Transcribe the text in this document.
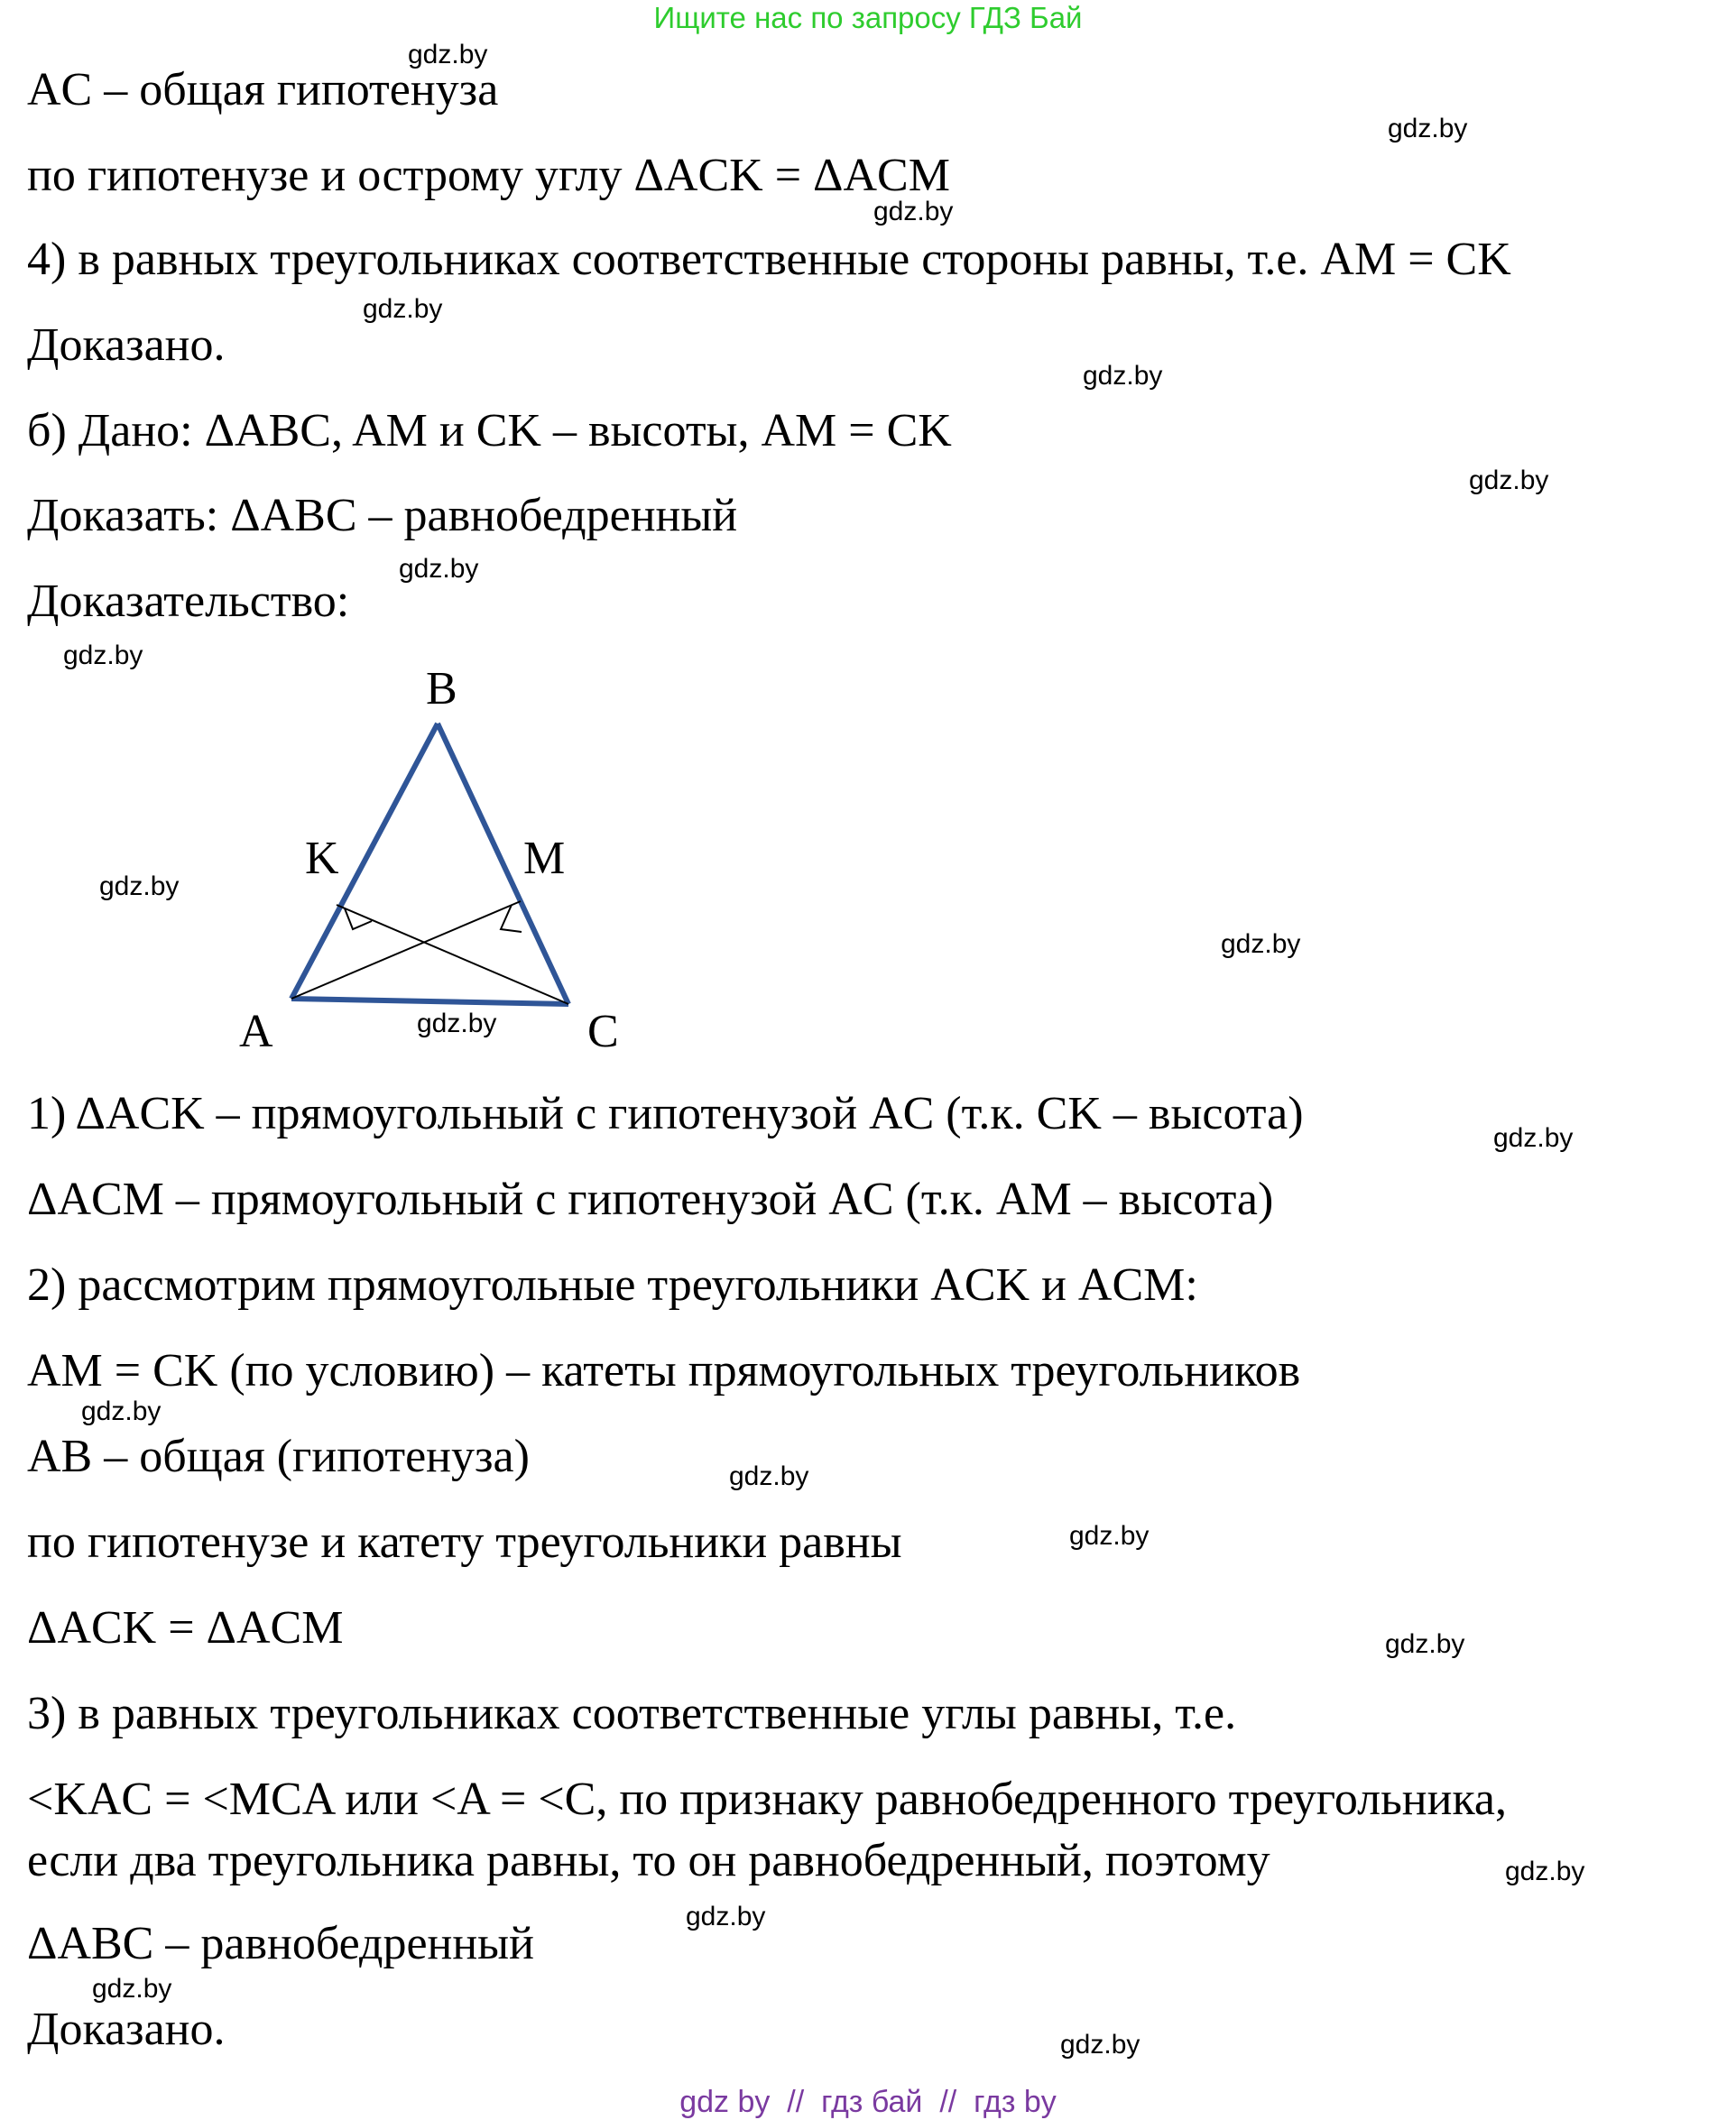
Ищите нас по запросу ГДЗ Бай
AC – общая гипотенуза
по гипотенузе и острому углу ΔACK = ΔACM
4) в равных треугольниках соответственные стороны равны, т.е. AM = CK
Доказано.
б) Дано: ΔABC, AM и CK – высоты, AM = CK
Доказать: ΔABC – равнобедренный
Доказательство:
B
K	M
A	C
1) ΔACK – прямоугольный с гипотенузой AC (т.к. CK – высота)
ΔACM – прямоугольный с гипотенузой AC (т.к. AM – высота)
2) рассмотрим прямоугольные треугольники ACK и ACM:
AM = CK (по условию) – катеты прямоугольных треугольников
AB – общая (гипотенуза)
по гипотенузе и катету треугольники равны
ΔACK = ΔACM
3) в равных треугольниках соответственные углы равны, т.е.
<KAC = <MCA или <A = <C, по признаку равнобедренного треугольника,
если два треугольника равны, то он равнобедренный, поэтому
ΔABC – равнобедренный
Доказано.
gdz.by
gdz.by
gdz.by
gdz.by
gdz.by
gdz.by
gdz.by
gdz.by
gdz.by
gdz.by
gdz.by
gdz.by
gdz.by
gdz.by
gdz.by
gdz.by
gdz.by
gdz.by
gdz.by
gdz.by
gdz by  //  гдз бай  //  гдз by
